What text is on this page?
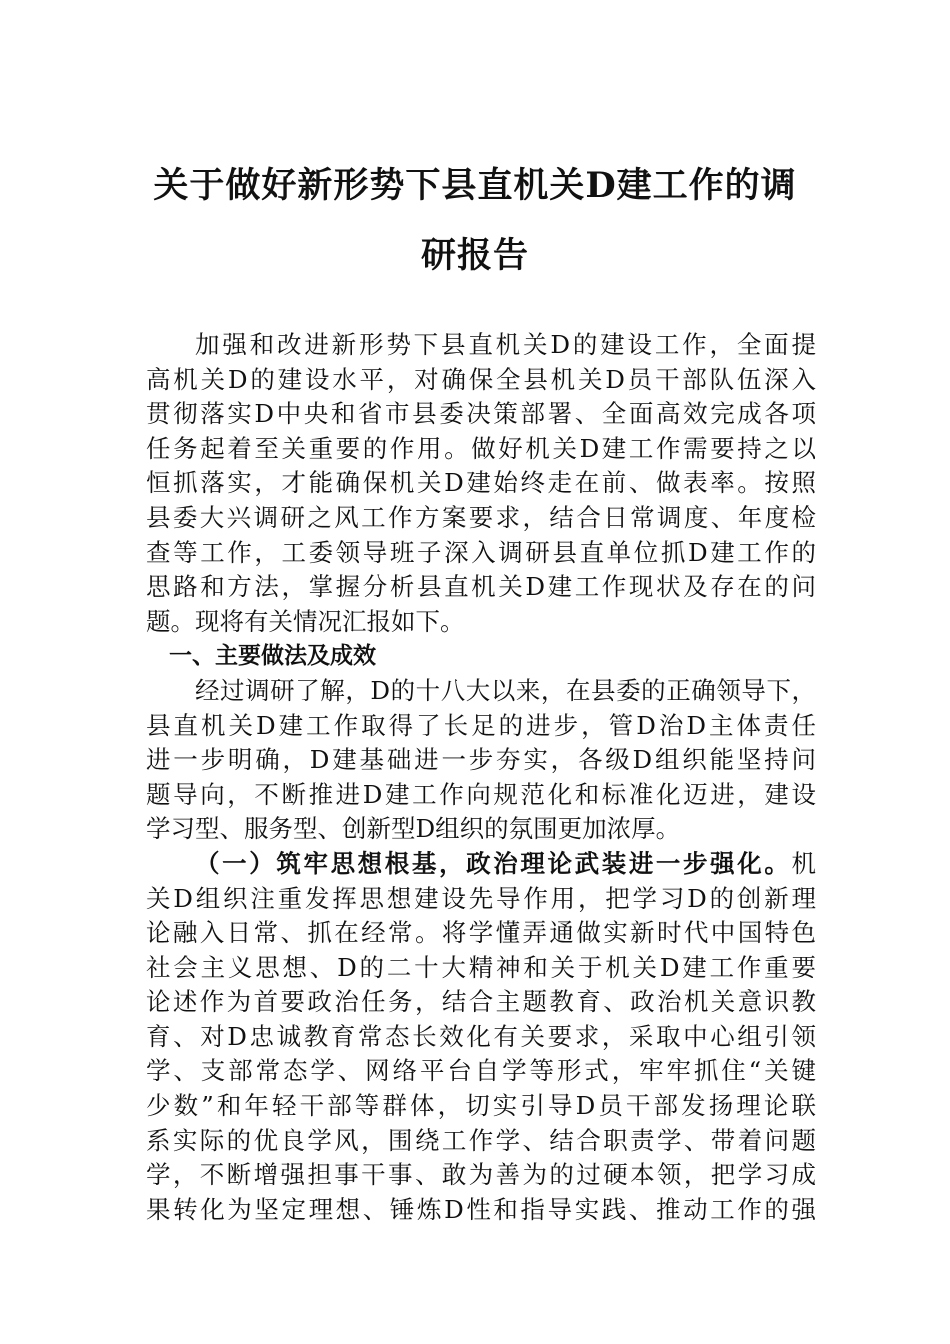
关于做好新形势下县直机关D建工作的调
研报告
加强和改进新形势下县直机关D的建设工作，全面提
高机关D的建设水平，对确保全县机关D员干部队伍深入
贯彻落实D中央和省市县委决策部署、全面高效完成各项
任务起着至关重要的作用。做好机关D建工作需要持之以
恒抓落实，才能确保机关D建始终走在前、做表率。按照
县委大兴调研之风工作方案要求，结合日常调度、年度检
查等工作，工委领导班子深入调研县直单位抓D建工作的
思路和方法，掌握分析县直机关D建工作现状及存在的问
题。现将有关情况汇报如下。
一、主要做法及成效
经过调研了解，D的十八大以来，在县委的正确领导下，
县直机关D建工作取得了长足的进步，管D治D主体责任
进一步明确，D建基础进一步夯实，各级D组织能坚持问
题导向，不断推进D建工作向规范化和标准化迈进，建设
学习型、服务型、创新型D组织的氛围更加浓厚。
（一）筑牢思想根基，政治理论武装进一步强化。机
关D组织注重发挥思想建设先导作用，把学习D的创新理
论融入日常、抓在经常。将学懂弄通做实新时代中国特色
社会主义思想、D的二十大精神和关于机关D建工作重要
论述作为首要政治任务，结合主题教育、政治机关意识教
育、对D忠诚教育常态长效化有关要求，采取中心组引领
学、支部常态学、网络平台自学等形式，牢牢抓住“关键
少数”和年轻干部等群体，切实引导D员干部发扬理论联
系实际的优良学风，围绕工作学、结合职责学、带着问题
学，不断增强担事干事、敢为善为的过硬本领，把学习成
果转化为坚定理想、锤炼D性和指导实践、推动工作的强
